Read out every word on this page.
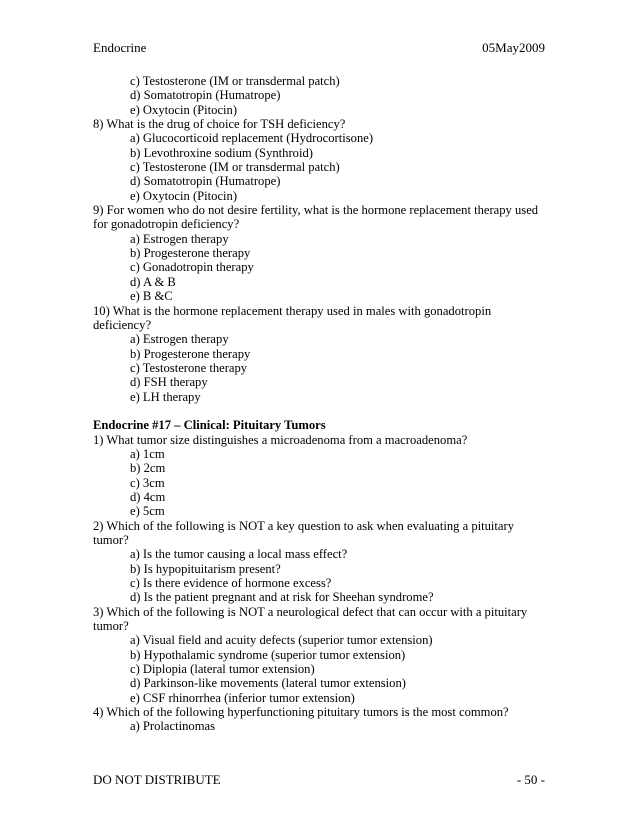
Endocrine	05May2009
c) Testosterone (IM or transdermal patch)
d) Somatotropin (Humatrope)
e) Oxytocin (Pitocin)
8) What is the drug of choice for TSH deficiency?
a) Glucocorticoid replacement (Hydrocortisone)
b) Levothroxine sodium (Synthroid)
c) Testosterone (IM or transdermal patch)
d) Somatotropin (Humatrope)
e) Oxytocin (Pitocin)
9) For women who do not desire fertility, what is the hormone replacement therapy used
for gonadotropin deficiency?
a) Estrogen therapy
b) Progesterone therapy
c) Gonadotropin therapy
d) A & B
e) B &C
10) What is the hormone replacement therapy used in males with gonadotropin
deficiency?
a) Estrogen therapy
b) Progesterone therapy
c) Testosterone therapy
d) FSH therapy
e) LH therapy
Endocrine #17 – Clinical: Pituitary Tumors
1) What tumor size distinguishes a microadenoma from a macroadenoma?
a) 1cm
b) 2cm
c) 3cm
d) 4cm
e) 5cm
2) Which of the following is NOT a key question to ask when evaluating a pituitary
tumor?
a) Is the tumor causing a local mass effect?
b) Is hypopituitarism present?
c) Is there evidence of hormone excess?
d) Is the patient pregnant and at risk for Sheehan syndrome?
3) Which of the following is NOT a neurological defect that can occur with a pituitary
tumor?
a) Visual field and acuity defects (superior tumor extension)
b) Hypothalamic syndrome (superior tumor extension)
c) Diplopia (lateral tumor extension)
d) Parkinson-like movements (lateral tumor extension)
e) CSF rhinorrhea (inferior tumor extension)
4) Which of the following hyperfunctioning pituitary tumors is the most common?
a) Prolactinomas
DO NOT DISTRIBUTE	- 50 -
